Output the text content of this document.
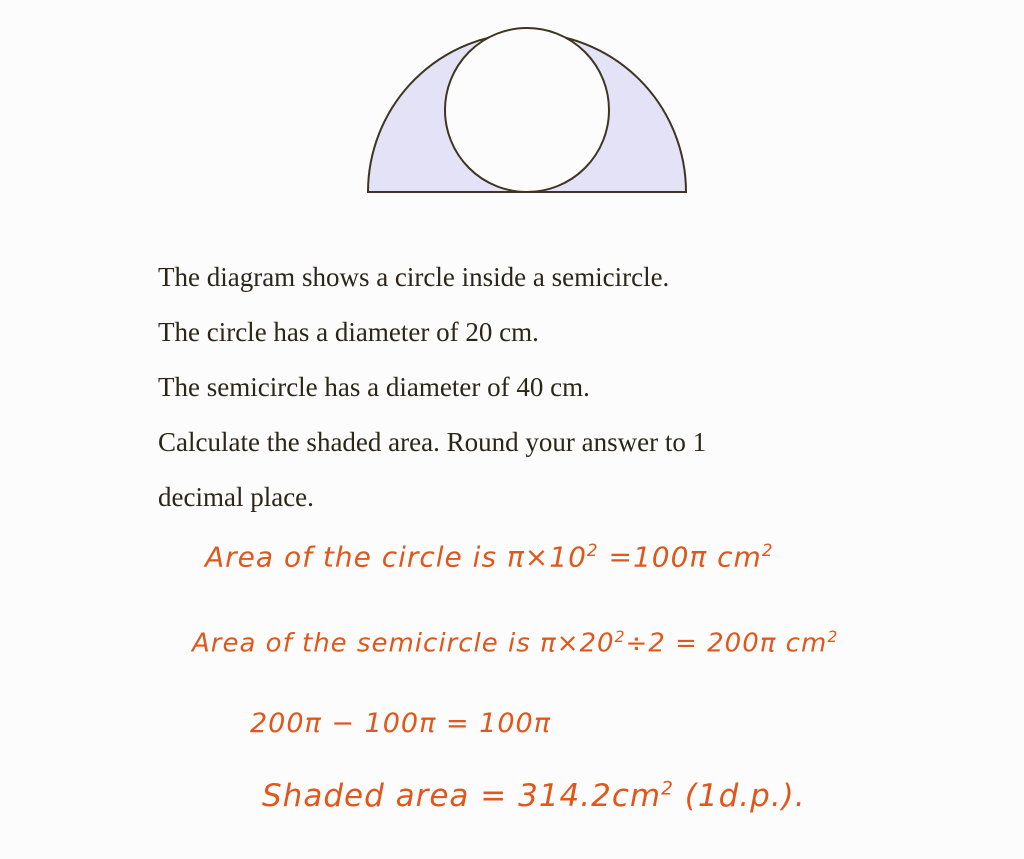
The diagram shows a circle inside a semicircle.
The circle has a diameter of 20 cm.
The semicircle has a diameter of 40 cm.
Calculate the shaded area. Round your answer to 1
decimal place.
Area of the circle is $\pi\times 10^2 =100\pi$ $cm^2$
Area of the semicircle is $\pi\times 20^2\div 2 = 200\pi$ $cm^2$
200π − 100π = 100π
Shaded area = $314.2cm^2$ (1d.p.).
